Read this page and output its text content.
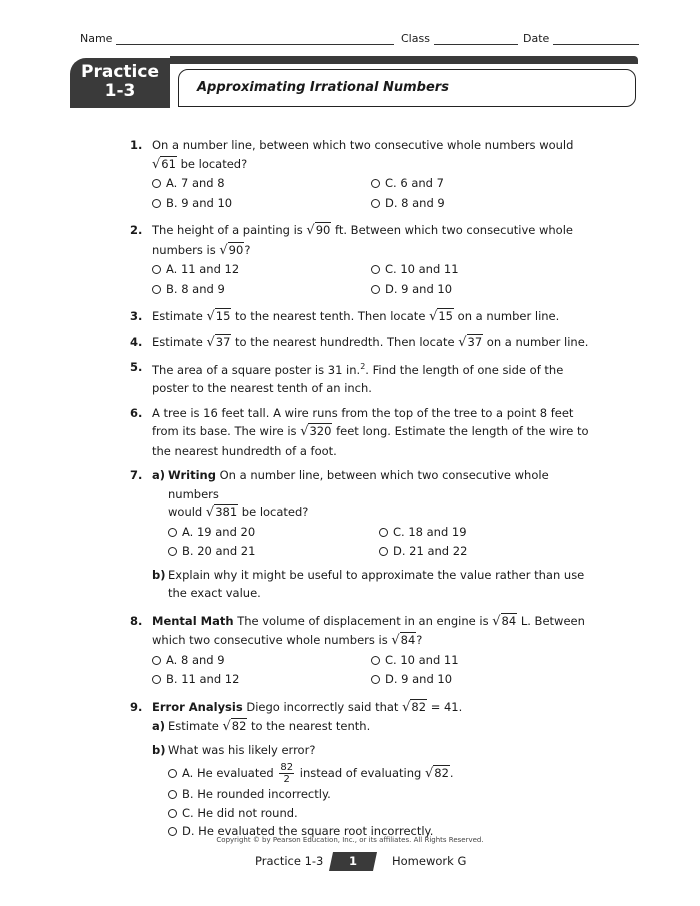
Name	Class	Date
Practice
1-3	Approximating Irrational Numbers
1. On a number line, between which two consecutive whole numbers would
√61 be located?
A. 7 and 8	C. 6 and 7
B. 9 and 10	D. 8 and 9
2. The height of a painting is √90 ft. Between which two consecutive whole
numbers is √90?
A. 11 and 12	C. 10 and 11
B. 8 and 9	D. 9 and 10
3. Estimate √15 to the nearest tenth. Then locate √15 on a number line.
4. Estimate √37 to the nearest hundredth. Then locate √37 on a number line.
5. The area of a square poster is 31 in.$^2$. Find the length of one side of the poster to the nearest tenth of an inch.
6. A tree is 16 feet tall. A wire runs from the top of the tree to a point 8 feet from its base. The wire is √320 feet long. Estimate the length of the wire to the nearest hundredth of a foot.
7. a) Writing On a number line, between which two consecutive whole numbers
would √381 be located?
A. 19 and 20	C. 18 and 19
B. 20 and 21	D. 21 and 22
b) Explain why it might be useful to approximate the value rather than use the exact value.
8. Mental Math The volume of displacement in an engine is √84 L. Between
which two consecutive whole numbers is √84?
A. 8 and 9	C. 10 and 11
B. 11 and 12	D. 9 and 10
9. Error Analysis Diego incorrectly said that √82 = 41.
a) Estimate √82 to the nearest tenth.
b) What was his likely error?
A. He evaluated $\frac{82}{2}$ instead of evaluating √82.
B. He rounded incorrectly.
C. He did not round.
D. He evaluated the square root incorrectly.
Copyright © by Pearson Education, Inc., or its affiliates. All Rights Reserved.
Practice 1-3	1	Homework G
